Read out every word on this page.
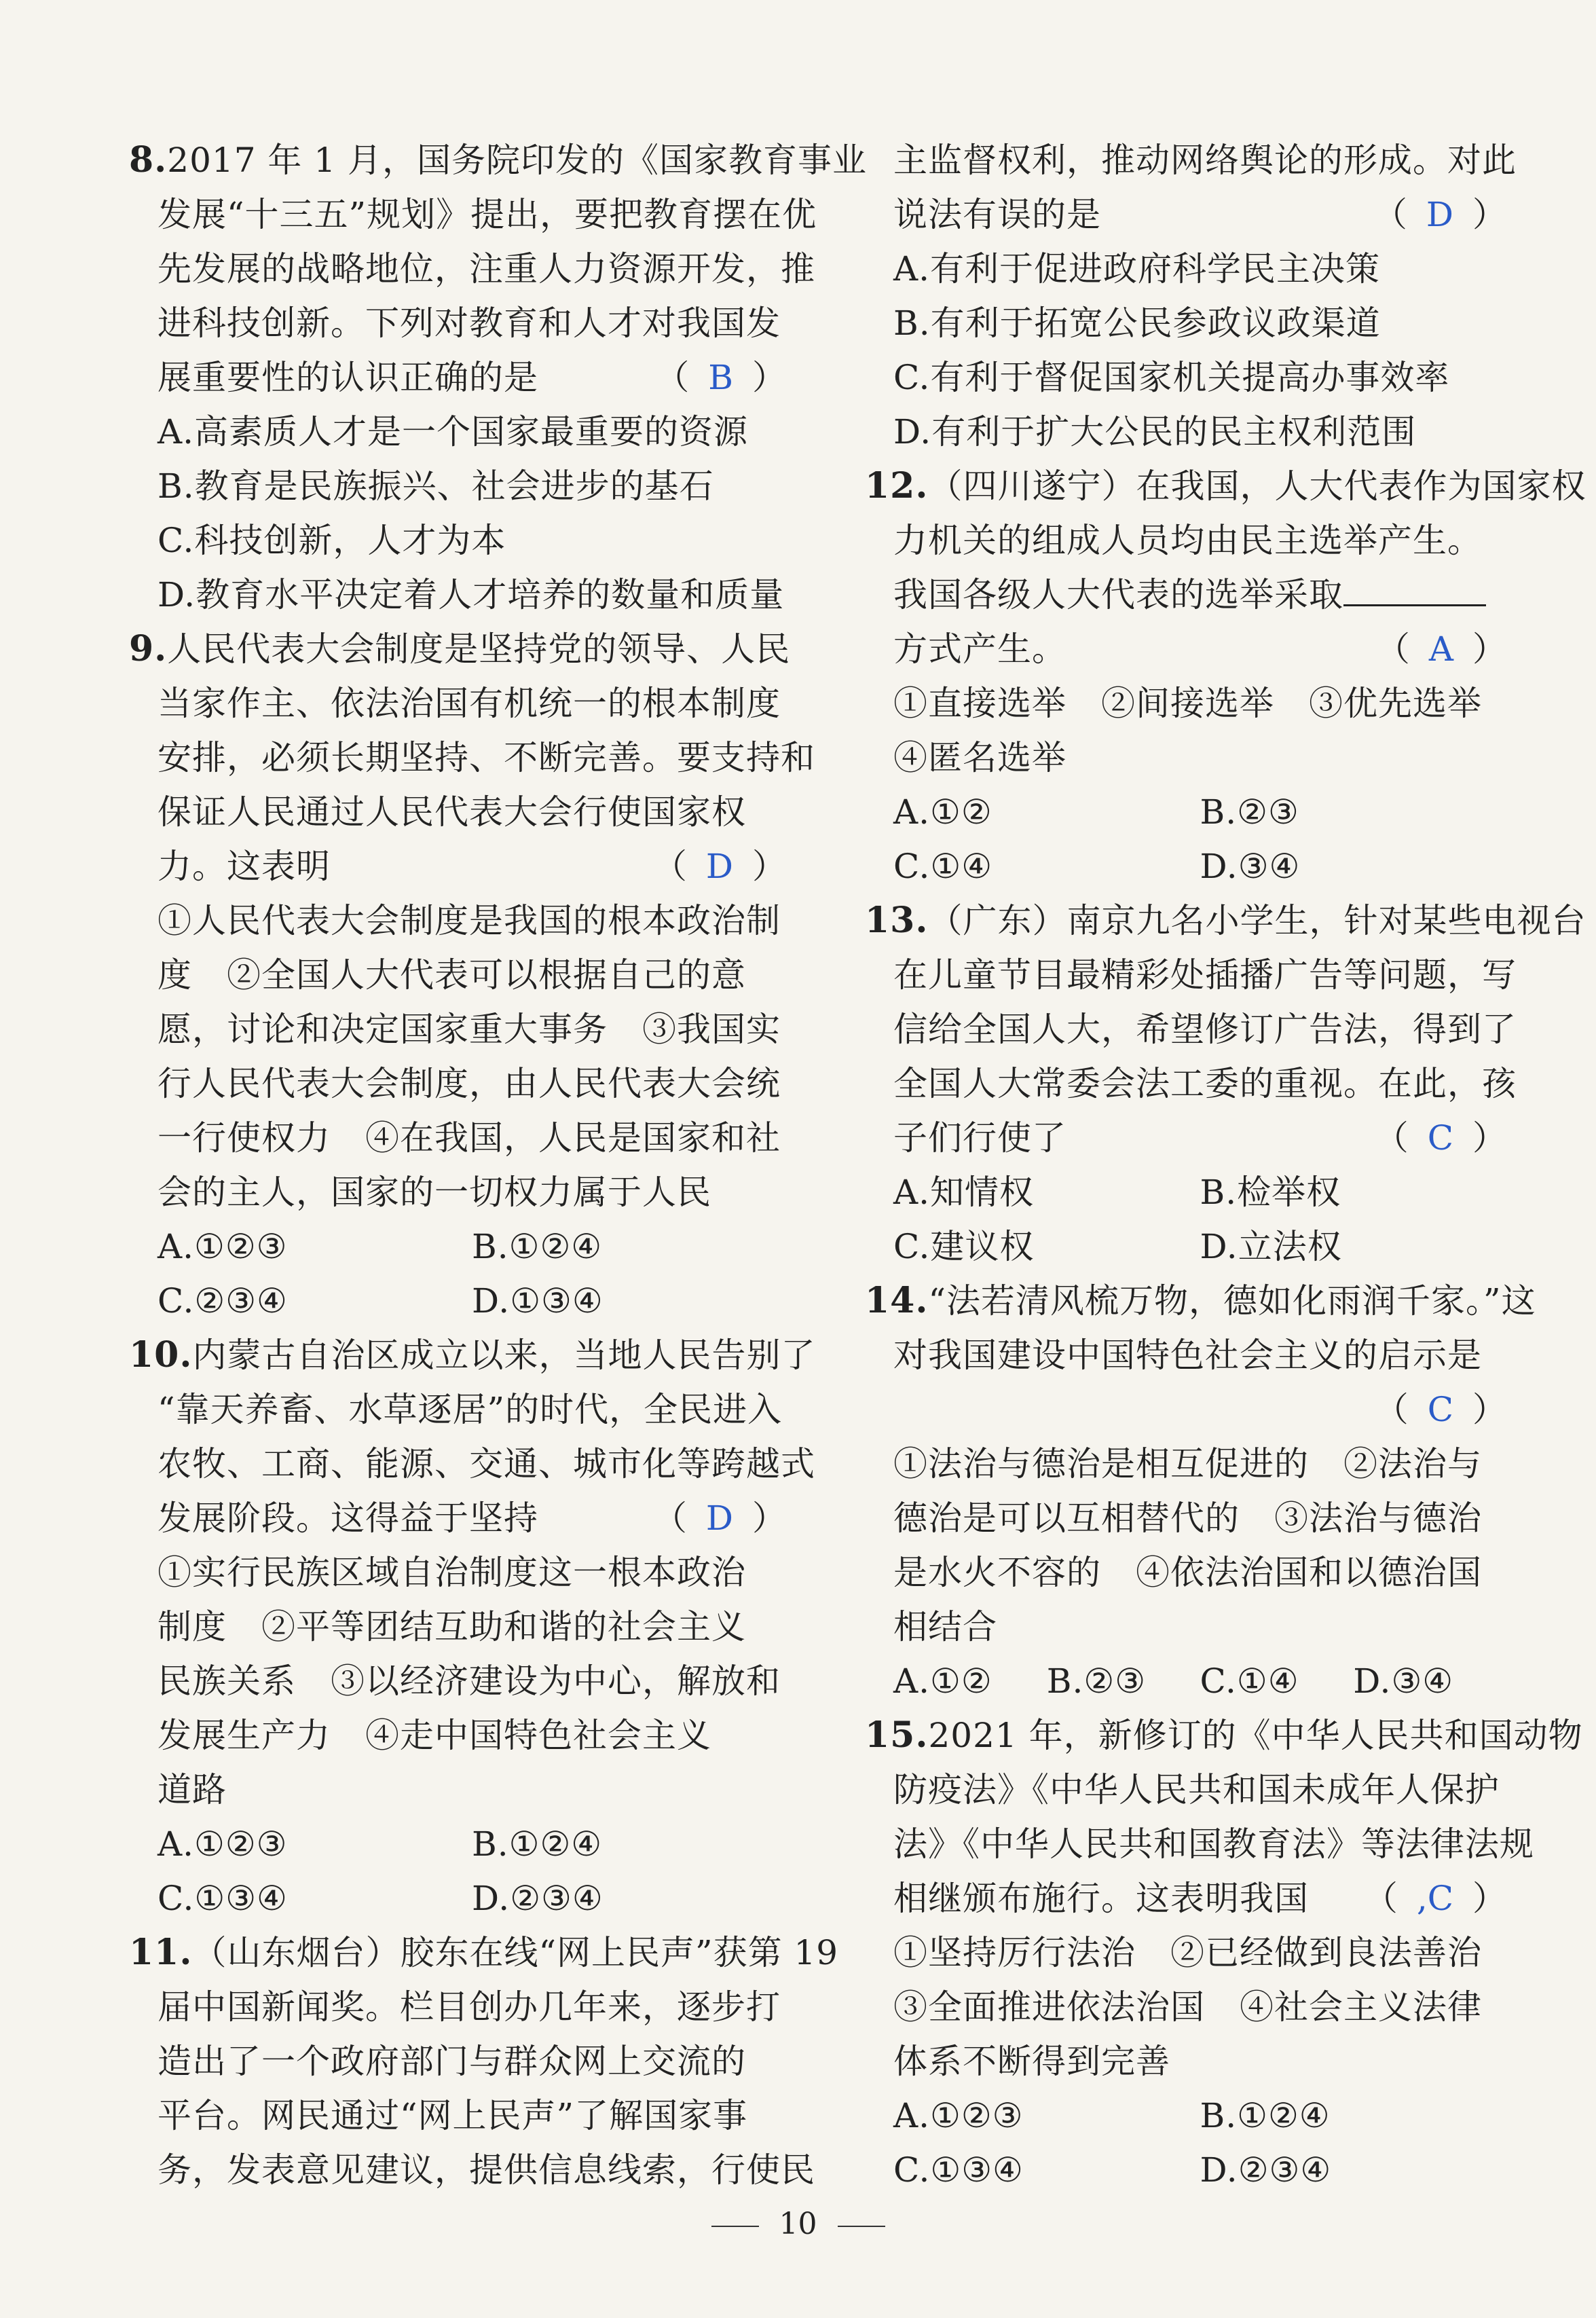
8.2017 年 1 月，国务院印发的《国家教育事业
发展“十三五”规划》提出，要把教育摆在优
先发展的战略地位，注重人力资源开发，推
进科技创新。下列对教育和人才对我国发
展重要性的认识正确的是	（ B ）
A.高素质人才是一个国家最重要的资源
B.教育是民族振兴、社会进步的基石
C.科技创新，人才为本
D.教育水平决定着人才培养的数量和质量
9.人民代表大会制度是坚持党的领导、人民
当家作主、依法治国有机统一的根本制度
安排，必须长期坚持、不断完善。要支持和
保证人民通过人民代表大会行使国家权
力。这表明	（ D ）
①人民代表大会制度是我国的根本政治制
度　②全国人大代表可以根据自己的意
愿，讨论和决定国家重大事务　③我国实
行人民代表大会制度，由人民代表大会统
一行使权力　④在我国，人民是国家和社
会的主人，国家的一切权力属于人民
A.①②③	B.①②④
C.②③④	D.①③④
10.内蒙古自治区成立以来，当地人民告别了
“靠天养畜、水草逐居”的时代，全民进入
农牧、工商、能源、交通、城市化等跨越式
发展阶段。这得益于坚持	（ D ）
①实行民族区域自治制度这一根本政治
制度　②平等团结互助和谐的社会主义
民族关系　③以经济建设为中心，解放和
发展生产力　④走中国特色社会主义
道路
A.①②③	B.①②④
C.①③④	D.②③④
11.（山东烟台）胶东在线“网上民声”获第 19
届中国新闻奖。栏目创办几年来，逐步打
造出了一个政府部门与群众网上交流的
平台。网民通过“网上民声”了解国家事
务，发表意见建议，提供信息线索，行使民
主监督权利，推动网络舆论的形成。对此
说法有误的是	（ D ）
A.有利于促进政府科学民主决策
B.有利于拓宽公民参政议政渠道
C.有利于督促国家机关提高办事效率
D.有利于扩大公民的民主权利范围
12.（四川遂宁）在我国，人大代表作为国家权
力机关的组成人员均由民主选举产生。
我国各级人大代表的选举采取
方式产生。	（ A ）
①直接选举　②间接选举　③优先选举
④匿名选举
A.①②	B.②③
C.①④	D.③④
13.（广东）南京九名小学生，针对某些电视台
在儿童节目最精彩处插播广告等问题，写
信给全国人大，希望修订广告法，得到了
全国人大常委会法工委的重视。在此，孩
子们行使了	（ C ）
A.知情权	B.检举权
C.建议权	D.立法权
14.“法若清风梳万物，德如化雨润千家。”这
对我国建设中国特色社会主义的启示是
（ C ）
①法治与德治是相互促进的　②法治与
德治是可以互相替代的　③法治与德治
是水火不容的　④依法治国和以德治国
相结合
A.①②	B.②③	C.①④	D.③④
15.2021 年，新修订的《中华人民共和国动物
防疫法》《中华人民共和国未成年人保护
法》《中华人民共和国教育法》等法律法规
相继颁布施行。这表明我国 （ ,C ）
①坚持厉行法治　②已经做到良法善治
③全面推进依法治国　④社会主义法律
体系不断得到完善
A.①②③	B.①②④
C.①③④	D.②③④
10
